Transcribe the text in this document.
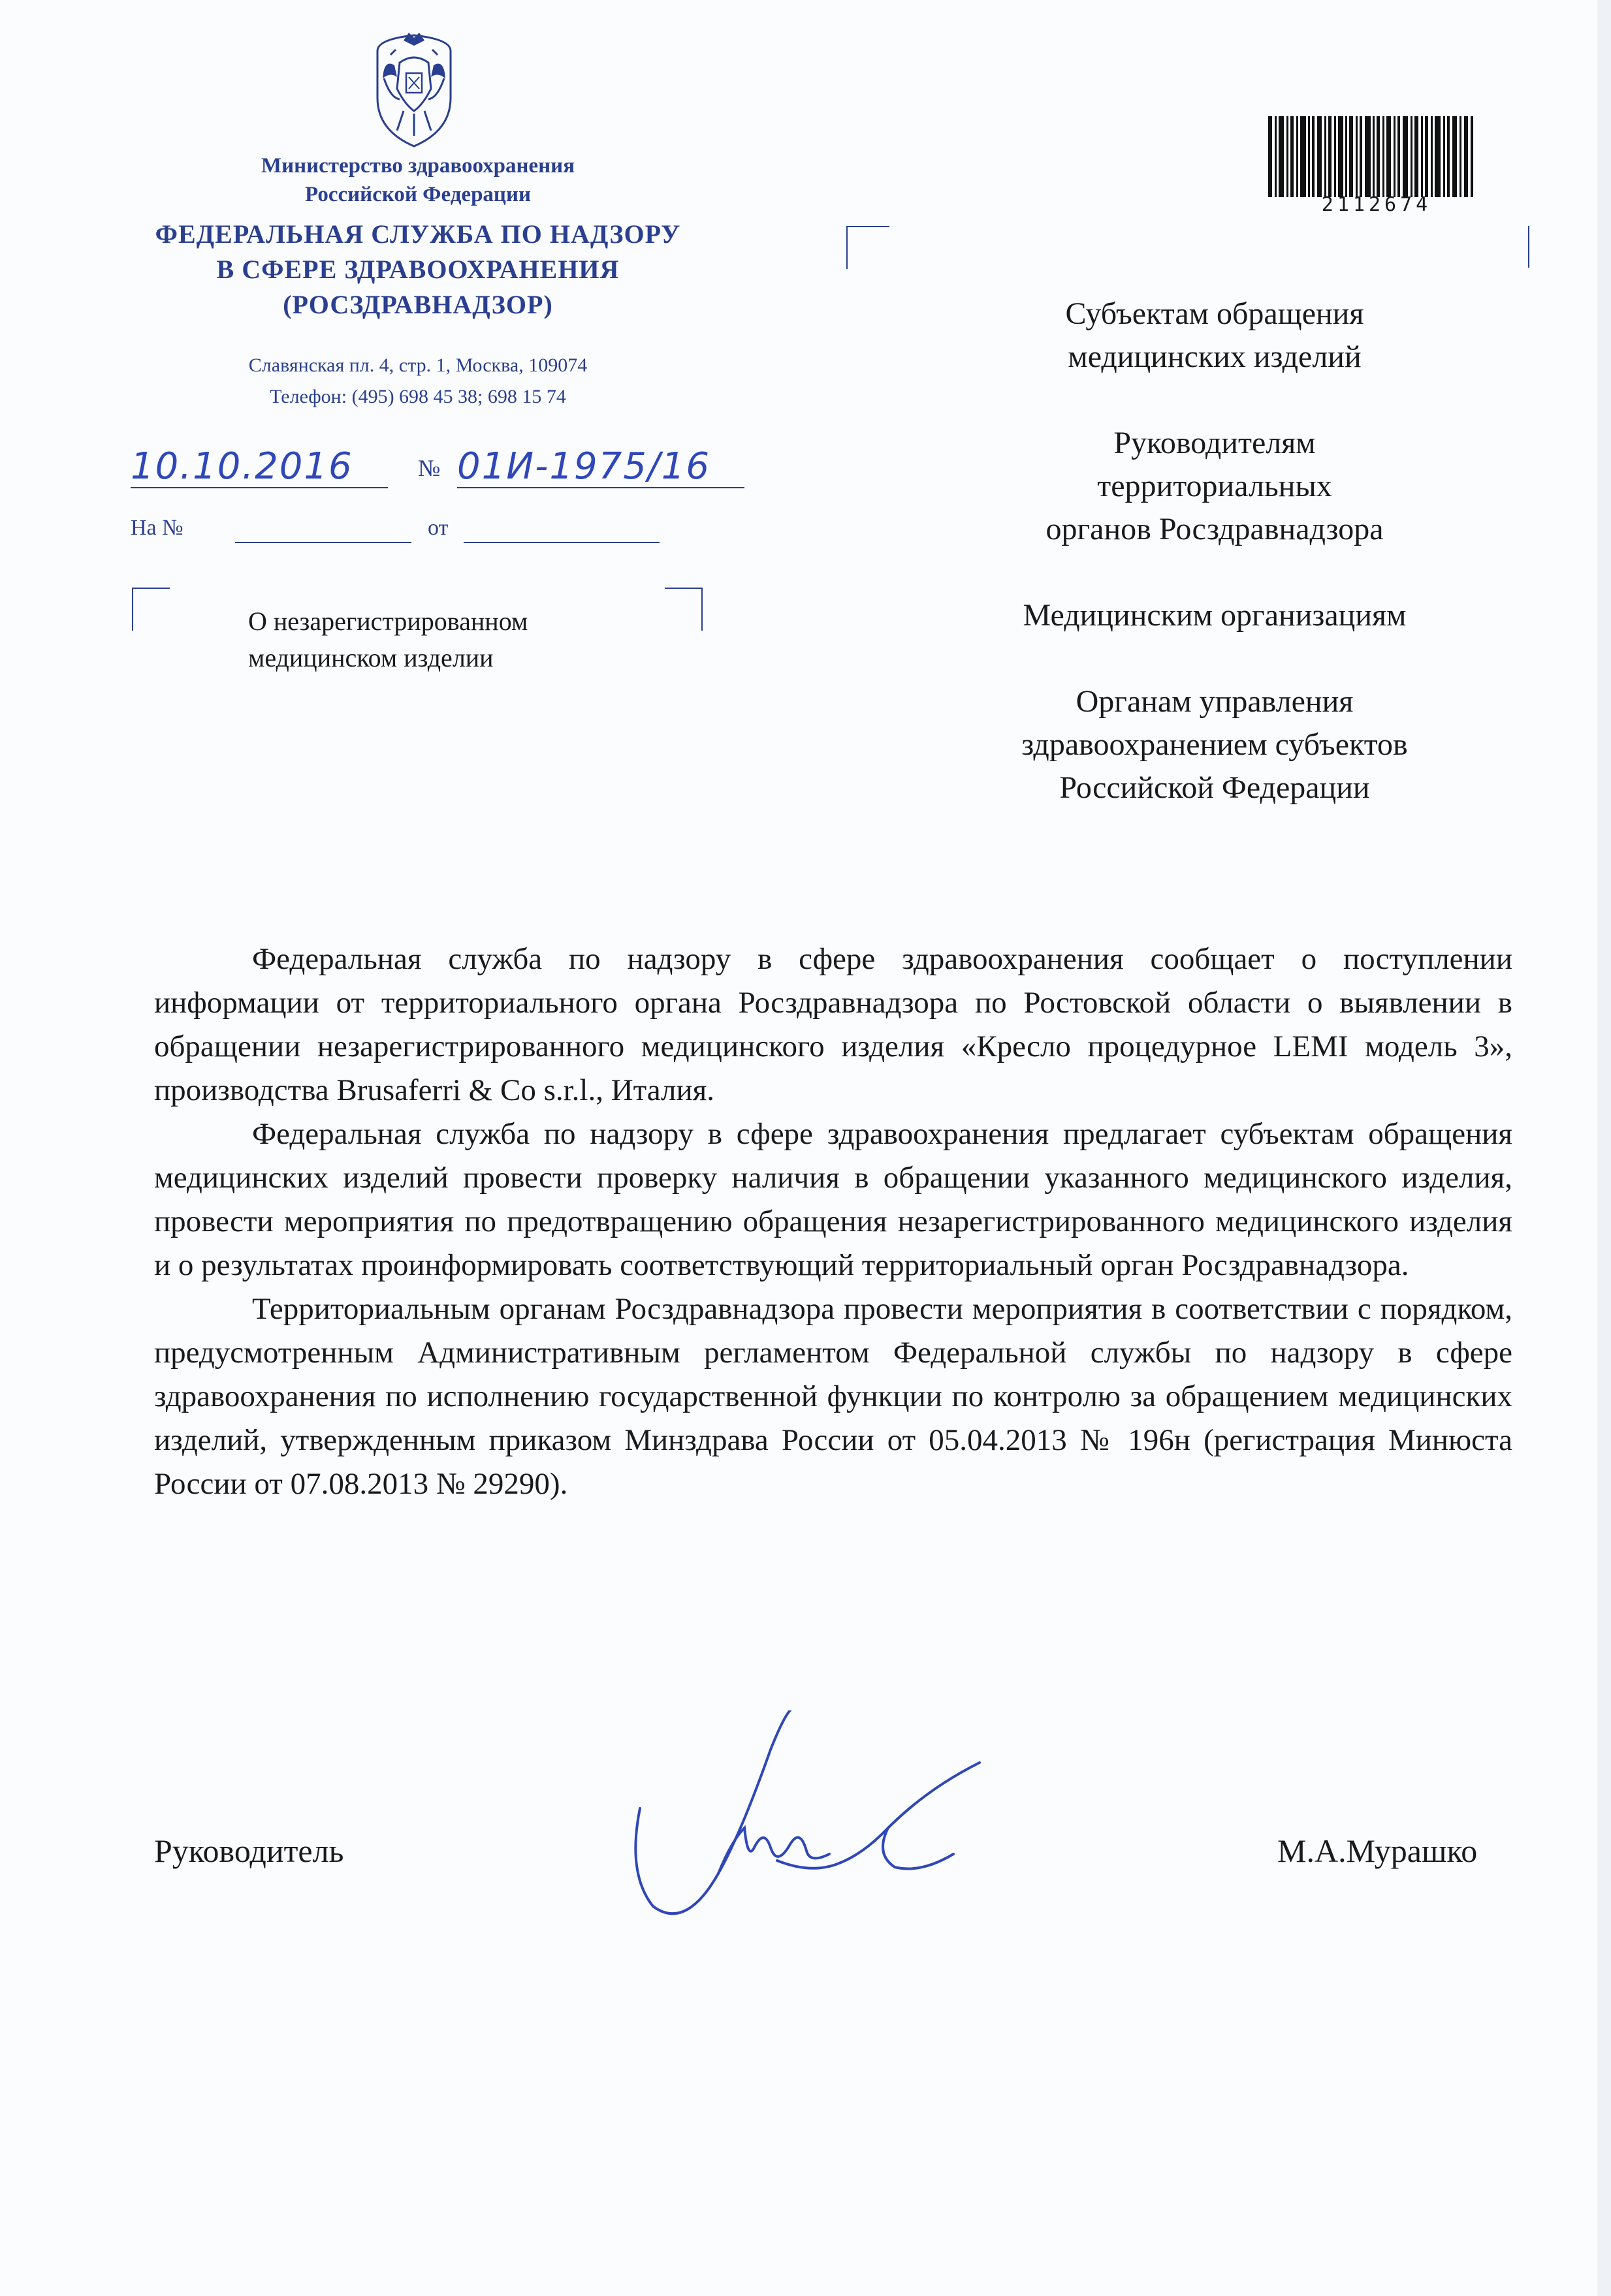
Министерство здравоохранения
Российской Федерации
ФЕДЕРАЛЬНАЯ СЛУЖБА ПО НАДЗОРУ
В СФЕРЕ ЗДРАВООХРАНЕНИЯ
(РОСЗДРАВНАДЗОР)
Славянская пл. 4, стр. 1, Москва, 109074
Телефон: (495) 698 45 38; 698 15 74
10.10.2016	№ 01И-1975/16
На №	от
О незарегистрированном
медицинском изделии
2112674
Субъектам обращения
медицинских изделий
Руководителям
территориальных
органов Росздравнадзора
Медицинским организациям
Органам управления
здравоохранением субъектов
Российской Федерации

Федеральная служба по надзору в сфере здравоохранения сообщает о поступлении информации от территориального органа Росздравнадзора по Ростовской области о выявлении в обращении незарегистрированного медицинского изделия «Кресло процедурное LEMI модель 3», производства Brusaferri & Co s.r.l., Италия.

Федеральная служба по надзору в сфере здравоохранения предлагает субъектам обращения медицинских изделий провести проверку наличия в обращении указанного медицинского изделия, провести мероприятия по предотвращению обращения незарегистрированного медицинского изделия и о результатах проинформировать соответствующий территориальный орган Росздравнадзора.

Территориальным органам Росздравнадзора провести мероприятия в соответствии с порядком, предусмотренным Административным регламентом Федеральной службы по надзору в сфере здравоохранения по исполнению государственной функции по контролю за обращением медицинских изделий, утвержденным приказом Минздрава России от 05.04.2013 № 196н (регистрация Минюста России от 07.08.2013 № 29290).

Руководитель	М.А.Мурашко
